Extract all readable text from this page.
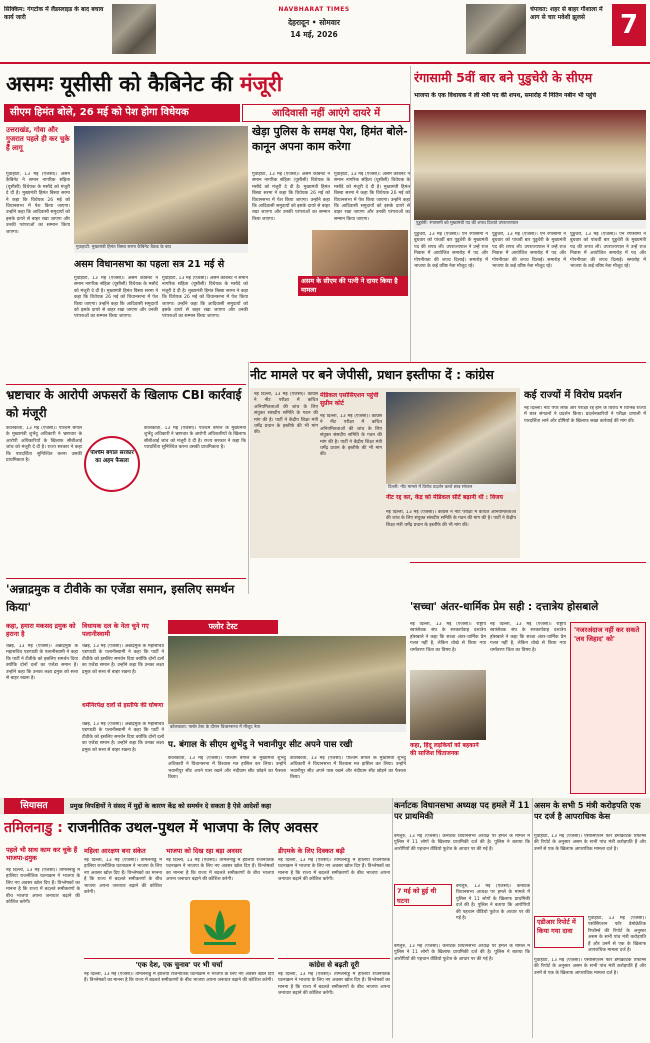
सिक्किम: गंगटोक में लैंडस्लाइड के बाद बचाव कार्य जारी
NAVBHARAT TIMES
देहरादून • सोमवार
14 मई, 2026
चंपावत: शहर से बाहर गौशाला में आग से चार मवेशी झुलसे	7
असमः यूसीसी को कैबिनेट की मंजूरी
सीएम हिमंत बोले, 26 मई को पेश होगा विधेयक	आदिवासी नहीं आएंगे दायरे में
उत्तराखंड, गोवा और गुजरात पहले ही कर चुके हैं लागू
गुवाहाटी, 13 मई (एजेंसी)। असम कैबिनेट ने समान नागरिक संहिता (यूसीसी) विधेयक के मसौदे को मंजूरी दे दी है। मुख्यमंत्री हिमंत बिस्वा सरमा ने कहा कि विधेयक 26 मई को विधानसभा में पेश किया जाएगा। उन्होंने कहा कि आदिवासी समुदायों को इसके दायरे से बाहर रखा जाएगा और उनकी परंपराओं का सम्मान किया जाएगा।
गुवाहाटी: मुख्यमंत्री हिमंत बिस्वा सरमा कैबिनेट बैठक के बाद
खेड़ा पुलिस के समक्ष पेश, हिमंत बोले-कानून अपना काम करेगा
गुवाहाटी, 13 मई (एजेंसी)। असम कैबिनेट ने समान नागरिक संहिता (यूसीसी) विधेयक के मसौदे को मंजूरी दे दी है। मुख्यमंत्री हिमंत बिस्वा सरमा ने कहा कि विधेयक 26 मई को विधानसभा में पेश किया जाएगा। उन्होंने कहा कि आदिवासी समुदायों को इसके दायरे से बाहर रखा जाएगा और उनकी परंपराओं का सम्मान किया जाएगा।
गुवाहाटी, 13 मई (एजेंसी)। असम कैबिनेट ने समान नागरिक संहिता (यूसीसी) विधेयक के मसौदे को मंजूरी दे दी है। मुख्यमंत्री हिमंत बिस्वा सरमा ने कहा कि विधेयक 26 मई को विधानसभा में पेश किया जाएगा। उन्होंने कहा कि आदिवासी समुदायों को इसके दायरे से बाहर रखा जाएगा और उनकी परंपराओं का सम्मान किया जाएगा।
असम विधानसभा का पहला सत्र 21 मई से
गुवाहाटी, 13 मई (एजेंसी)। असम कैबिनेट ने समान नागरिक संहिता (यूसीसी) विधेयक के मसौदे को मंजूरी दे दी है। मुख्यमंत्री हिमंत बिस्वा सरमा ने कहा कि विधेयक 26 मई को विधानसभा में पेश किया जाएगा। उन्होंने कहा कि आदिवासी समुदायों को इसके दायरे से बाहर रखा जाएगा और उनकी परंपराओं का सम्मान किया जाएगा।
गुवाहाटी, 13 मई (एजेंसी)। असम कैबिनेट ने समान नागरिक संहिता (यूसीसी) विधेयक के मसौदे को मंजूरी दे दी है। मुख्यमंत्री हिमंत बिस्वा सरमा ने कहा कि विधेयक 26 मई को विधानसभा में पेश किया जाएगा। उन्होंने कहा कि आदिवासी समुदायों को इसके दायरे से बाहर रखा जाएगा और उनकी परंपराओं का सम्मान किया जाएगा।
असम के सीएम की पत्नी ने दायर किया है मामला
रंगासामी 5वीं बार बने पुडुचेरी के सीएम
भाजपा के एक विधायक ने ली मंत्री पद की शपथ, समारोह में नितिन नबीन भी पहुंचे
पुडुचेरी: रंगासामी को मुख्यमंत्री पद की शपथ दिलाते उपराज्यपाल
पुडुचेरी, 13 मई (एजेंसी)। एन रंगासामी ने बुधवार को पांचवीं बार पुडुचेरी के मुख्यमंत्री पद की शपथ ली। उपराज्यपाल ने उन्हें राज निवास में आयोजित समारोह में पद और गोपनीयता की शपथ दिलाई। समारोह में भाजपा के कई वरिष्ठ नेता मौजूद रहे।
पुडुचेरी, 13 मई (एजेंसी)। एन रंगासामी ने बुधवार को पांचवीं बार पुडुचेरी के मुख्यमंत्री पद की शपथ ली। उपराज्यपाल ने उन्हें राज निवास में आयोजित समारोह में पद और गोपनीयता की शपथ दिलाई। समारोह में भाजपा के कई वरिष्ठ नेता मौजूद रहे।
पुडुचेरी, 13 मई (एजेंसी)। एन रंगासामी ने बुधवार को पांचवीं बार पुडुचेरी के मुख्यमंत्री पद की शपथ ली। उपराज्यपाल ने उन्हें राज निवास में आयोजित समारोह में पद और गोपनीयता की शपथ दिलाई। समारोह में भाजपा के कई वरिष्ठ नेता मौजूद रहे।
भ्रष्टाचार के आरोपी अफसरों के खिलाफ CBI कार्रवाई को मंजूरी
कोलकाता, 13 मई (एजेंसी)। पश्चिम बंगाल के मुख्यमंत्री शुभेंदु अधिकारी ने भ्रष्टाचार के आरोपी अधिकारियों के खिलाफ सीबीआई जांच को मंजूरी दे दी है। राज्य सरकार ने कहा कि पारदर्शिता सुनिश्चित करना उसकी प्राथमिकता है।
पश्चिम बंगाल सरकार का अहम फैसला
कोलकाता, 13 मई (एजेंसी)। पश्चिम बंगाल के मुख्यमंत्री शुभेंदु अधिकारी ने भ्रष्टाचार के आरोपी अधिकारियों के खिलाफ सीबीआई जांच को मंजूरी दे दी है। राज्य सरकार ने कहा कि पारदर्शिता सुनिश्चित करना उसकी प्राथमिकता है।
नीट मामले पर बने जेपीसी, प्रधान इस्तीफा दें : कांग्रेस
नई दिल्ली, 13 मई (एजेंसी)। कांग्रेस ने नीट परीक्षा में कथित अनियमितताओं की जांच के लिए संयुक्त संसदीय समिति के गठन की मांग की है। पार्टी ने केंद्रीय शिक्षा मंत्री धर्मेंद्र प्रधान के इस्तीफे की भी मांग की।
मेडिकल एसोसिएशन पहुंची सुप्रीम कोर्ट
नई दिल्ली, 13 मई (एजेंसी)। कांग्रेस ने नीट परीक्षा में कथित अनियमितताओं की जांच के लिए संयुक्त संसदीय समिति के गठन की मांग की है। पार्टी ने केंद्रीय शिक्षा मंत्री धर्मेंद्र प्रधान के इस्तीफे की भी मांग की।
दिल्ली: नीट मामले में विरोध प्रदर्शन करते छात्र संगठन
नीट रद्द कर, केंद्र को मेडिकल सीटें बढ़ानी थीं : विजय
नई दिल्ली, 13 मई (एजेंसी)। कांग्रेस ने नीट परीक्षा में कथित अनियमितताओं की जांच के लिए संयुक्त संसदीय समिति के गठन की मांग की है। पार्टी ने केंद्रीय शिक्षा मंत्री धर्मेंद्र प्रधान के इस्तीफे की भी मांग की।
कई राज्यों में विरोध प्रदर्शन
नई दिल्ली। नीट पेपर लीक और परीक्षा रद्द होने के विरोध में विभिन्न राज्यों में छात्र संगठनों ने प्रदर्शन किया। प्रदर्शनकारियों ने परीक्षा प्रणाली में पारदर्शिता लाने और दोषियों के खिलाफ सख्त कार्रवाई की मांग की।
'अन्नाद्रमुक व टीवीके का एजेंडा समान, इसलिए समर्थन किया'
कहा, हमारा मकसद द्रमुक को हराना है
चेन्नई, 13 मई (एजेंसी)। अन्नाद्रमुक के महासचिव एडप्पाडी के पलानीस्वामी ने कहा कि पार्टी ने टीवीके को इसलिए समर्थन दिया क्योंकि दोनों दलों का एजेंडा समान है। उन्होंने कहा कि उनका लक्ष्य द्रमुक को सत्ता से बाहर रखना है।
विधायक दल के नेता चुने गए पलानीस्वामी
चेन्नई, 13 मई (एजेंसी)। अन्नाद्रमुक के महासचिव एडप्पाडी के पलानीस्वामी ने कहा कि पार्टी ने टीवीके को इसलिए समर्थन दिया क्योंकि दोनों दलों का एजेंडा समान है। उन्होंने कहा कि उनका लक्ष्य द्रमुक को सत्ता से बाहर रखना है।
धर्मनिरपेक्ष दलों से इस्तीफे की घोषणा
चेन्नई, 13 मई (एजेंसी)। अन्नाद्रमुक के महासचिव एडप्पाडी के पलानीस्वामी ने कहा कि पार्टी ने टीवीके को इसलिए समर्थन दिया क्योंकि दोनों दलों का एजेंडा समान है। उन्होंने कहा कि उनका लक्ष्य द्रमुक को सत्ता से बाहर रखना है।
फ्लोर टेस्ट
कोलकाता: फ्लोर टेस्ट के दौरान विधानसभा में मौजूद नेता
प. बंगाल के सीएम शुभेंदु ने भवानीपुर सीट अपने पास रखी
कोलकाता, 13 मई (एजेंसी)। पश्चिम बंगाल के मुख्यमंत्री शुभेंदु अधिकारी ने विधानसभा में विश्वास मत हासिल कर लिया। उन्होंने भवानीपुर सीट अपने पास रखने और नंदीग्राम सीट छोड़ने का फैसला किया।
कोलकाता, 13 मई (एजेंसी)। पश्चिम बंगाल के मुख्यमंत्री शुभेंदु अधिकारी ने विधानसभा में विश्वास मत हासिल कर लिया। उन्होंने भवानीपुर सीट अपने पास रखने और नंदीग्राम सीट छोड़ने का फैसला किया।
'सच्चा' अंतर-धार्मिक प्रेम सही : दत्तात्रेय होसबाले
नई दिल्ली, 13 मई (एजेंसी)। राष्ट्रीय स्वयंसेवक संघ के सरकार्यवाह दत्तात्रेय होसबाले ने कहा कि सच्चा अंतर-धार्मिक प्रेम गलत नहीं है, लेकिन धोखे से किया गया धर्मांतरण चिंता का विषय है।
कहा, हिंदू लड़कियों को बहकाने की साजिश चिंताजनक
नई दिल्ली, 13 मई (एजेंसी)। राष्ट्रीय स्वयंसेवक संघ के सरकार्यवाह दत्तात्रेय होसबाले ने कहा कि सच्चा अंतर-धार्मिक प्रेम गलत नहीं है, लेकिन धोखे से किया गया धर्मांतरण चिंता का विषय है।
'नजरअंदाज नहीं कर सकते 'लव जिहाद' को'
सियासत	प्रमुख विपक्षियों ने संसद में मुद्दों के कारण केंद्र को समर्थन दे सकता है ऐसे आदेशों कहा
तमिलनाडु : राजनीतिक उथल-पुथल में भाजपा के लिए अवसर
पहले भी साथ काम कर चुके हैं भाजपा-द्रमुक
नई दिल्ली, 13 मई (एजेंसी)। तमिलनाडु में हालिया राजनीतिक घटनाक्रम ने भाजपा के लिए नए अवसर खोल दिए हैं। विश्लेषकों का मानना है कि राज्य में बदलते समीकरणों के बीच भाजपा अपना जनाधार बढ़ाने की कोशिश करेगी।
महिला आरक्षण बना संकेत
नई दिल्ली, 13 मई (एजेंसी)। तमिलनाडु में हालिया राजनीतिक घटनाक्रम ने भाजपा के लिए नए अवसर खोल दिए हैं। विश्लेषकों का मानना है कि राज्य में बदलते समीकरणों के बीच भाजपा अपना जनाधार बढ़ाने की कोशिश करेगी।
भाजपा को दिख रहा बड़ा अवसर
नई दिल्ली, 13 मई (एजेंसी)। तमिलनाडु में हालिया राजनीतिक घटनाक्रम ने भाजपा के लिए नए अवसर खोल दिए हैं। विश्लेषकों का मानना है कि राज्य में बदलते समीकरणों के बीच भाजपा अपना जनाधार बढ़ाने की कोशिश करेगी।
डीएमके के लिए दिक्कत बढ़ी
नई दिल्ली, 13 मई (एजेंसी)। तमिलनाडु में हालिया राजनीतिक घटनाक्रम ने भाजपा के लिए नए अवसर खोल दिए हैं। विश्लेषकों का मानना है कि राज्य में बदलते समीकरणों के बीच भाजपा अपना जनाधार बढ़ाने की कोशिश करेगी।
'एक देश, एक चुनाव' पर भी चर्चा
नई दिल्ली, 13 मई (एजेंसी)। तमिलनाडु में हालिया राजनीतिक घटनाक्रम ने भाजपा के लिए नए अवसर खोल दिए हैं। विश्लेषकों का मानना है कि राज्य में बदलते समीकरणों के बीच भाजपा अपना जनाधार बढ़ाने की कोशिश करेगी।
कांग्रेस से बढ़ती दूरी
नई दिल्ली, 13 मई (एजेंसी)। तमिलनाडु में हालिया राजनीतिक घटनाक्रम ने भाजपा के लिए नए अवसर खोल दिए हैं। विश्लेषकों का मानना है कि राज्य में बदलते समीकरणों के बीच भाजपा अपना जनाधार बढ़ाने की कोशिश करेगी।
कर्नाटक विधानसभा अध्यक्ष पद हमले में 11 पर प्राथमिकी
बेंगलुरु, 13 मई (एजेंसी)। कर्नाटक विधानसभा अध्यक्ष पर हमले के मामले में पुलिस ने 11 लोगों के खिलाफ प्राथमिकी दर्ज की है। पुलिस ने बताया कि आरोपियों की पहचान वीडियो फुटेज के आधार पर की गई है।
7 मई को हुई थी घटना
बेंगलुरु, 13 मई (एजेंसी)। कर्नाटक विधानसभा अध्यक्ष पर हमले के मामले में पुलिस ने 11 लोगों के खिलाफ प्राथमिकी दर्ज की है। पुलिस ने बताया कि आरोपियों की पहचान वीडियो फुटेज के आधार पर की गई है।
बेंगलुरु, 13 मई (एजेंसी)। कर्नाटक विधानसभा अध्यक्ष पर हमले के मामले में पुलिस ने 11 लोगों के खिलाफ प्राथमिकी दर्ज की है। पुलिस ने बताया कि आरोपियों की पहचान वीडियो फुटेज के आधार पर की गई है।
असम के सभी 5 मंत्री करोड़पति एक पर दर्ज है आपराधिक केस
गुवाहाटी, 13 मई (एजेंसी)। एसोसिएशन फॉर डेमोक्रेटिक रिफॉर्म्स की रिपोर्ट के अनुसार असम के सभी पांच मंत्री करोड़पति हैं और उनमें से एक के खिलाफ आपराधिक मामला दर्ज है।
एडीआर रिपोर्ट में किया गया दावा
गुवाहाटी, 13 मई (एजेंसी)। एसोसिएशन फॉर डेमोक्रेटिक रिफॉर्म्स की रिपोर्ट के अनुसार असम के सभी पांच मंत्री करोड़पति हैं और उनमें से एक के खिलाफ आपराधिक मामला दर्ज है।
गुवाहाटी, 13 मई (एजेंसी)। एसोसिएशन फॉर डेमोक्रेटिक रिफॉर्म्स की रिपोर्ट के अनुसार असम के सभी पांच मंत्री करोड़पति हैं और उनमें से एक के खिलाफ आपराधिक मामला दर्ज है।
